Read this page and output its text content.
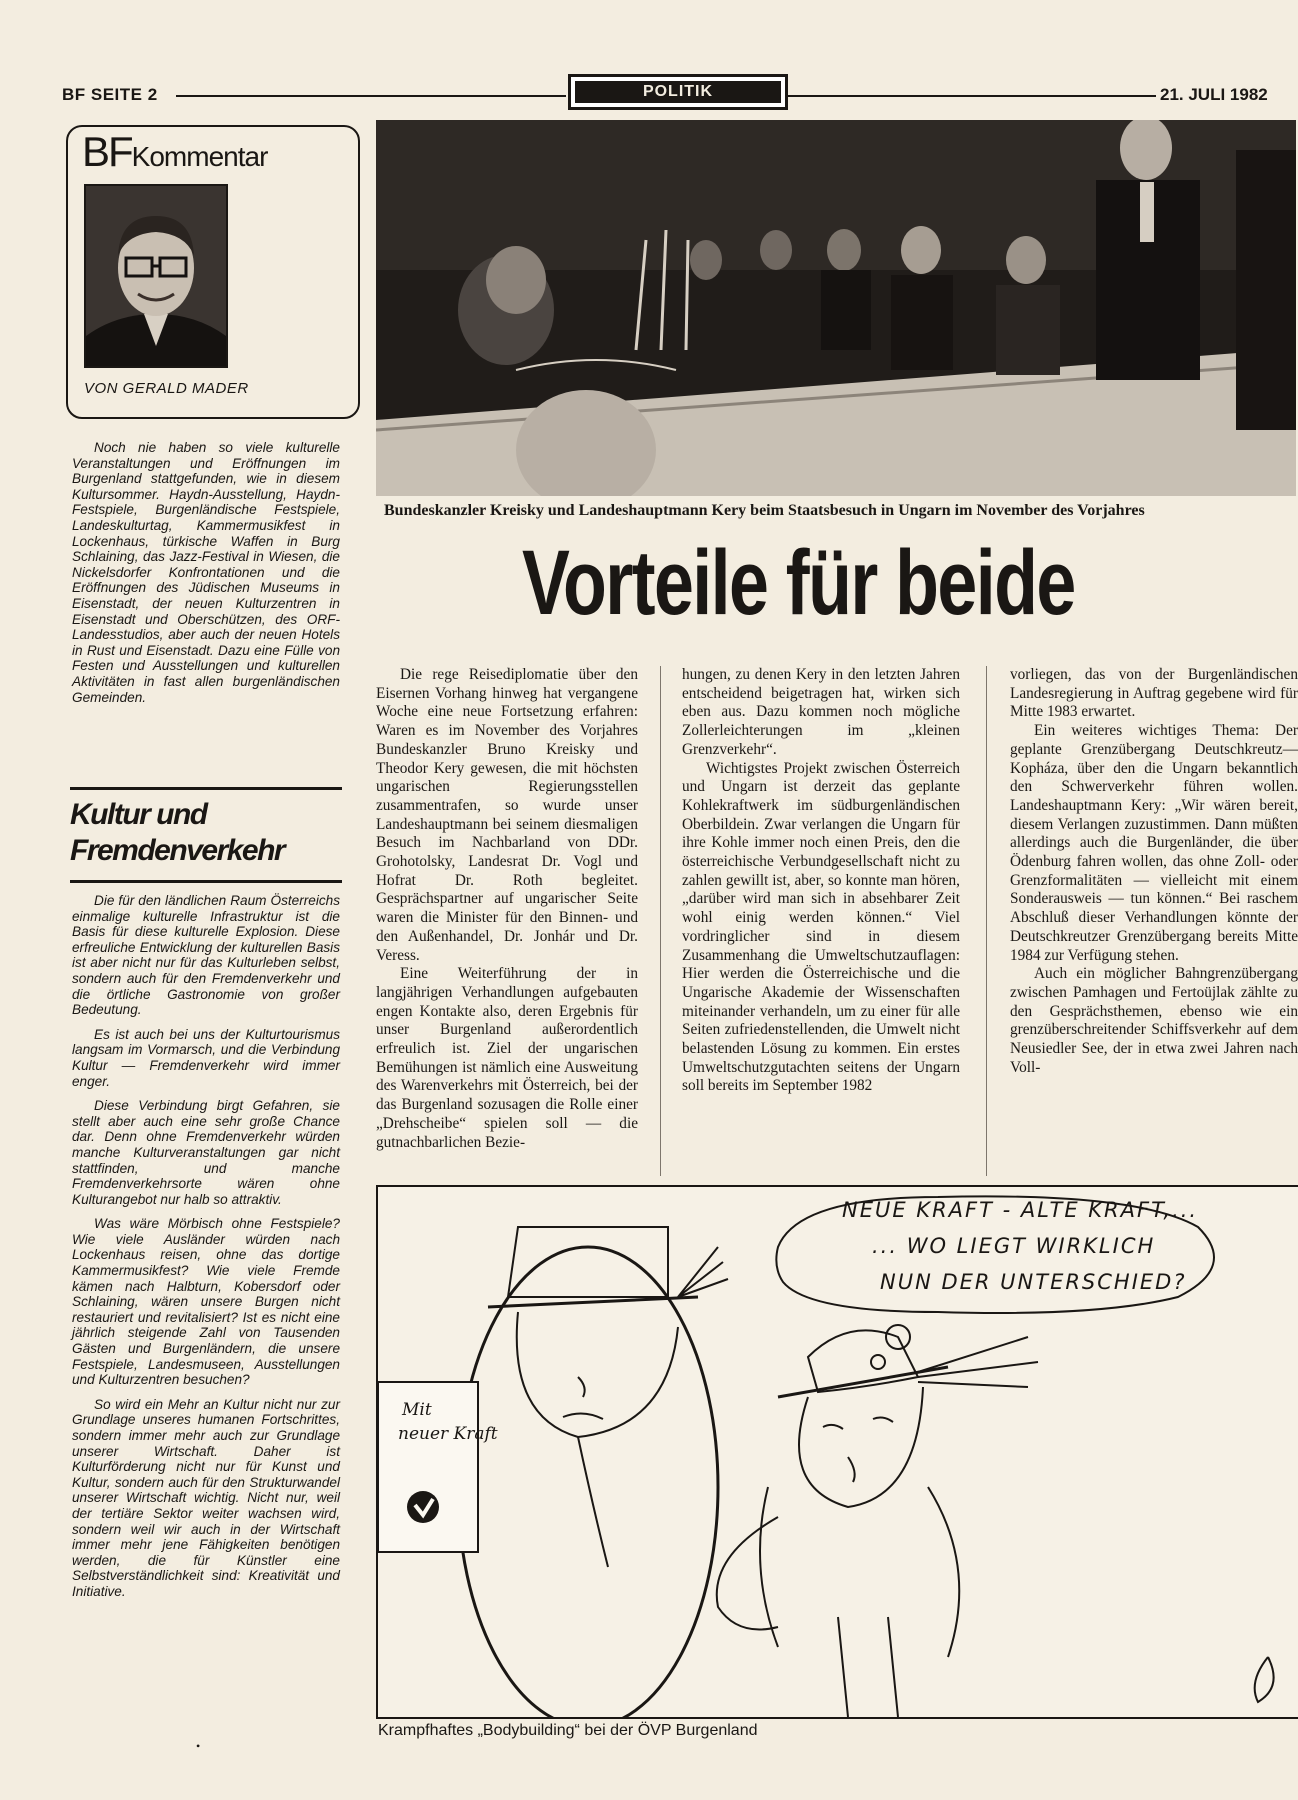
BF SEITE 2	POLITIK	21. JULI 1982
BFKommentar
VON GERALD MADER

Noch nie haben so viele kulturelle Veranstaltungen und Eröffnungen im Burgenland stattgefunden, wie in diesem Kultursommer. Haydn-Ausstellung, Haydn-Festspiele, Burgenländische Festspiele, Landeskulturtag, Kammermusikfest in Lockenhaus, türkische Waffen in Burg Schlaining, das Jazz-Festival in Wiesen, die Nickelsdorfer Konfrontationen und die Eröffnungen des Jüdischen Museums in Eisenstadt, der neuen Kulturzentren in Eisenstadt und Oberschützen, des ORF-Landesstudios, aber auch der neuen Hotels in Rust und Eisenstadt. Dazu eine Fülle von Festen und Ausstellungen und kulturellen Aktivitäten in fast allen burgenländischen Gemeinden.

Kultur und
Fremdenverkehr

Die für den ländlichen Raum Österreichs einmalige kulturelle Infrastruktur ist die Basis für diese kulturelle Explosion. Diese erfreuliche Entwicklung der kulturellen Basis ist aber nicht nur für das Kulturleben selbst, sondern auch für den Fremdenverkehr und die örtliche Gastronomie von großer Bedeutung.

Es ist auch bei uns der Kulturtourismus langsam im Vormarsch, und die Verbindung Kultur — Fremdenverkehr wird immer enger.

Diese Verbindung birgt Gefahren, sie stellt aber auch eine sehr große Chance dar. Denn ohne Fremdenverkehr würden manche Kulturveranstaltungen gar nicht stattfinden, und manche Fremdenverkehrsorte wären ohne Kulturangebot nur halb so attraktiv.

Was wäre Mörbisch ohne Festspiele? Wie viele Ausländer würden nach Lockenhaus reisen, ohne das dortige Kammermusikfest? Wie viele Fremde kämen nach Halbturn, Kobersdorf oder Schlaining, wären unsere Burgen nicht restauriert und revitalisiert? Ist es nicht eine jährlich steigende Zahl von Tausenden Gästen und Burgenländern, die unsere Festspiele, Landesmuseen, Ausstellungen und Kulturzentren besuchen?

So wird ein Mehr an Kultur nicht nur zur Grundlage unseres humanen Fortschrittes, sondern immer mehr auch zur Grundlage unserer Wirtschaft. Daher ist Kulturförderung nicht nur für Kunst und Kultur, sondern auch für den Strukturwandel unserer Wirtschaft wichtig. Nicht nur, weil der tertiäre Sektor weiter wachsen wird, sondern weil wir auch in der Wirtschaft immer mehr jene Fähigkeiten benötigen werden, die für Künstler eine Selbstverständlichkeit sind: Kreativität und Initiative.

•
Bundeskanzler Kreisky und Landeshauptmann Kery beim Staatsbesuch in Ungarn im November des Vorjahres
Vorteile für beide

Die rege Reisediplomatie über den Eisernen Vorhang hinweg hat vergangene Woche eine neue Fortsetzung erfahren: Waren es im November des Vorjahres Bundeskanzler Bruno Kreisky und Theodor Kery gewesen, die mit höchsten ungarischen Regierungsstellen zusammentrafen, so wurde unser Landeshauptmann bei seinem diesmaligen Besuch im Nachbarland von DDr. Grohotolsky, Landesrat Dr. Vogl und Hofrat Dr. Roth begleitet. Gesprächspartner auf ungarischer Seite waren die Minister für den Binnen- und den Außenhandel, Dr. Jonhár und Dr. Veress.

Eine Weiterführung der in langjährigen Verhandlungen aufgebauten engen Kontakte also, deren Ergebnis für unser Burgenland außerordentlich erfreulich ist. Ziel der ungarischen Bemühungen ist nämlich eine Ausweitung des Warenverkehrs mit Österreich, bei der das Burgenland sozusagen die Rolle einer „Drehscheibe“ spielen soll — die gutnachbarlichen Bezie-

hungen, zu denen Kery in den letzten Jahren entscheidend beigetragen hat, wirken sich eben aus. Dazu kommen noch mögliche Zollerleichterungen im „kleinen Grenzverkehr“.

Wichtigstes Projekt zwischen Österreich und Ungarn ist derzeit das geplante Kohlekraftwerk im südburgenländischen Oberbildein. Zwar verlangen die Ungarn für ihre Kohle immer noch einen Preis, den die österreichische Verbundgesellschaft nicht zu zahlen gewillt ist, aber, so konnte man hören, „darüber wird man sich in absehbarer Zeit wohl einig werden können.“ Viel vordringlicher sind in diesem Zusammenhang die Umweltschutzauflagen: Hier werden die Österreichische und die Ungarische Akademie der Wissenschaften miteinander verhandeln, um zu einer für alle Seiten zufriedenstellenden, die Umwelt nicht belastenden Lösung zu kommen. Ein erstes Umweltschutzgutachten seitens der Ungarn soll bereits im September 1982

vorliegen, das von der Burgenländischen Landesregierung in Auftrag gegebene wird für Mitte 1983 erwartet.

Ein weiteres wichtiges Thema: Der geplante Grenzübergang Deutschkreutz—Kopháza, über den die Ungarn bekanntlich den Schwerverkehr führen wollen. Landeshauptmann Kery: „Wir wären bereit, diesem Verlangen zuzustimmen. Dann müßten allerdings auch die Burgenländer, die über Ödenburg fahren wollen, das ohne Zoll- oder Grenzformalitäten — vielleicht mit einem Sonderausweis — tun können.“ Bei raschem Abschluß dieser Verhandlungen könnte der Deutschkreutzer Grenzübergang bereits Mitte 1984 zur Verfügung stehen.

Auch ein möglicher Bahngrenzübergang zwischen Pamhagen und Fertoüjlak zählte zu den Gesprächsthemen, ebenso wie ein grenzüberschreitender Schiffsverkehr auf dem Neusiedler See, der in etwa zwei Jahren nach Voll-

NEUE KRAFT - ALTE KRAFT,...
... WO LIEGT WIRKLICH
NUN DER UNTERSCHIED?
Mit
neuer Kraft
Krampfhaftes „Bodybuilding“ bei der ÖVP Burgenland
